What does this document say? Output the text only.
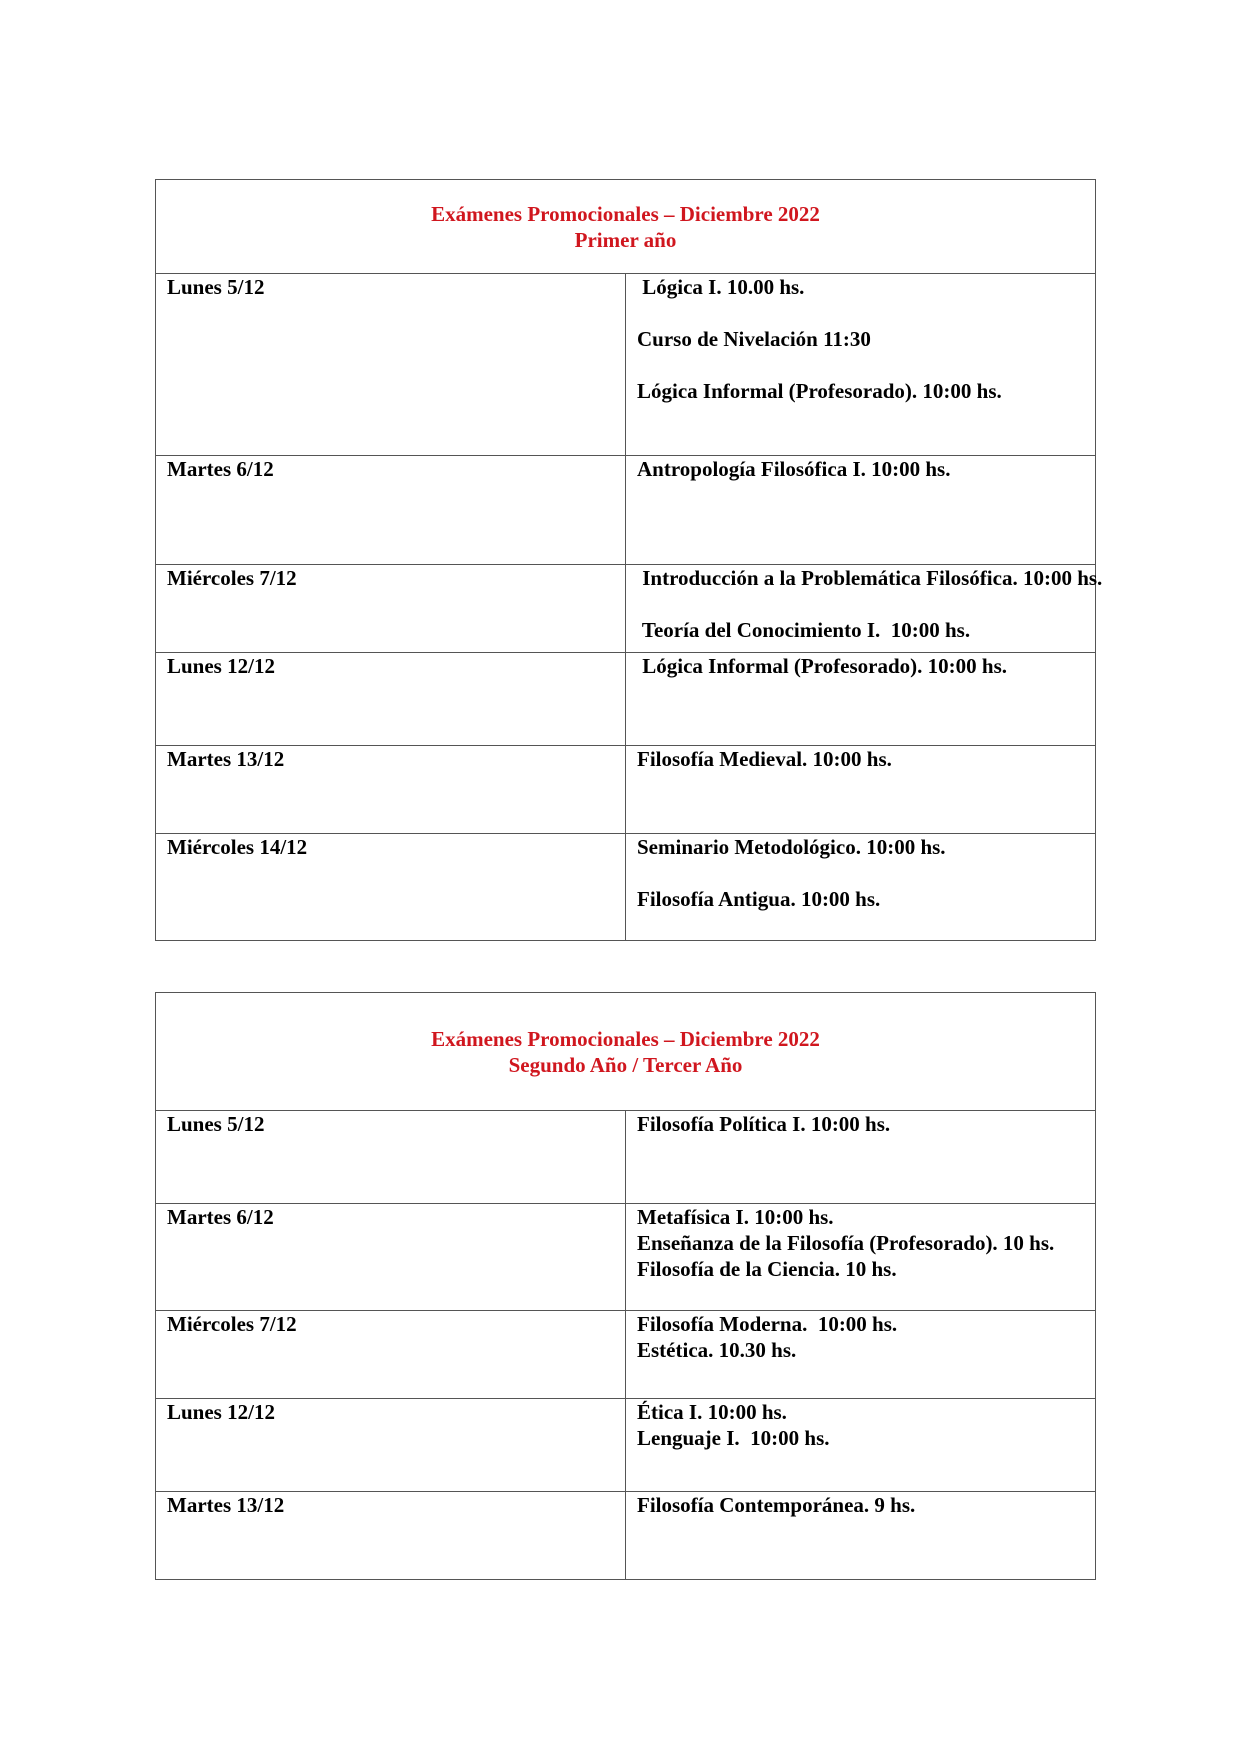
Exámenes Promocionales – Diciembre 2022
Primer año	

Lunes 5/12	Lógica I. 10.00 hs.
Curso de Nivelación 11:30
Lógica Informal (Profesorado). 10:00 hs.

Martes 6/12	Antropología Filosófica I. 10:00 hs.

Miércoles 7/12	Introducción a la Problemática Filosófica. 10:00 hs.
Teoría del Conocimiento I.  10:00 hs.

Lunes 12/12	Lógica Informal (Profesorado). 10:00 hs.

Martes 13/12	Filosofía Medieval. 10:00 hs.

Miércoles 14/12	Seminario Metodológico. 10:00 hs.
Filosofía Antigua. 10:00 hs.
Exámenes Promocionales – Diciembre 2022
Segundo Año / Tercer Año	

Lunes 5/12	Filosofía Política I. 10:00 hs.

Martes 6/12	Metafísica I. 10:00 hs.
Enseñanza de la Filosofía (Profesorado). 10 hs.
Filosofía de la Ciencia. 10 hs.

Miércoles 7/12	Filosofía Moderna.  10:00 hs.
Estética. 10.30 hs.

Lunes 12/12	Ética I. 10:00 hs.
Lenguaje I.  10:00 hs.

Martes 13/12	Filosofía Contemporánea. 9 hs.
